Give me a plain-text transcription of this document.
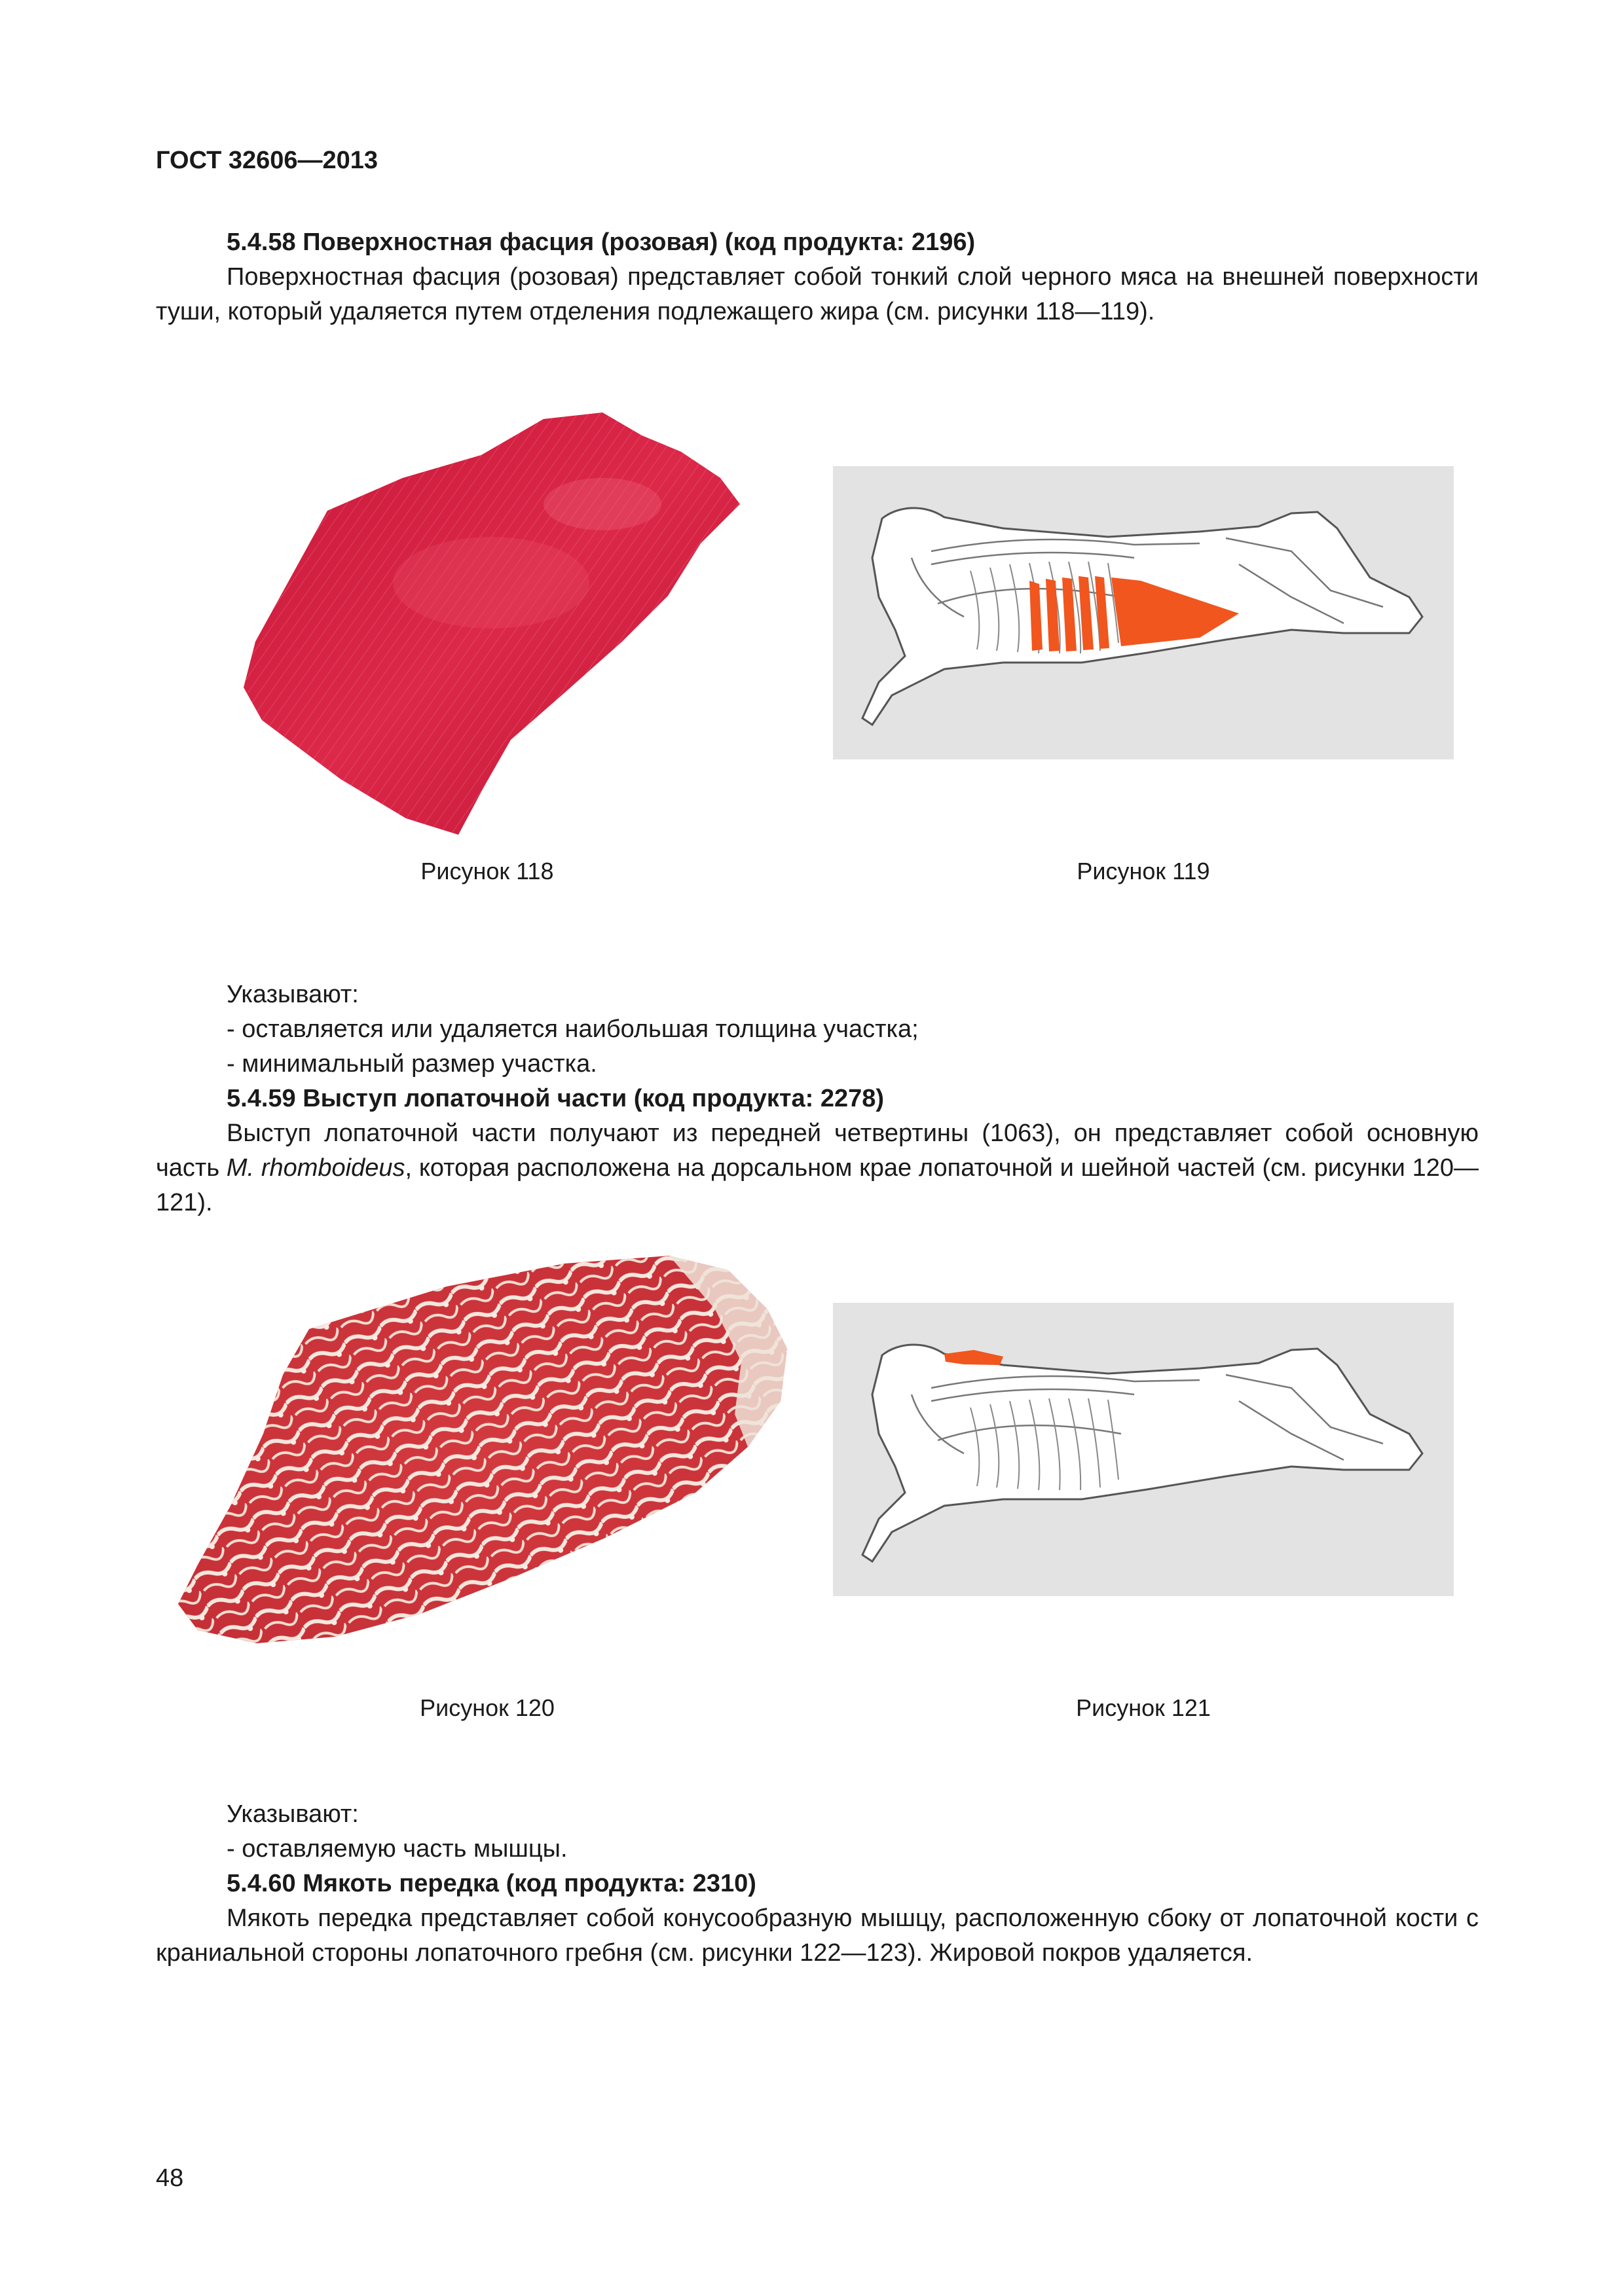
ГОСТ 32606—2013
5.4.58 Поверхностная фасция (розовая) (код продукта: 2196)

Поверхностная фасция (розовая) представляет собой тонкий слой черного мяса на внешней поверхности туши, который удаляется путем отделения подлежащего жира (см. рисунки 118—119).

Рисунок 118	Рисунок 119
Указывают:
- оставляется или удаляется наибольшая толщина участка;
- минимальный размер участка.
5.4.59 Выступ лопаточной части (код продукта: 2278)

Выступ лопаточной части получают из передней четвертины (1063), он представляет собой основную часть M. rhomboideus, которая расположена на дорсальном крае лопаточной и шейной частей (см. рисунки 120—121).

Рисунок 120	Рисунок 121
Указывают:
- оставляемую часть мышцы.
5.4.60 Мякоть передка (код продукта: 2310)

Мякоть передка представляет собой конусообразную мышцу, расположенную сбоку от лопаточной кости с краниальной стороны лопаточного гребня (см. рисунки 122—123). Жировой покров удаляется.

48
